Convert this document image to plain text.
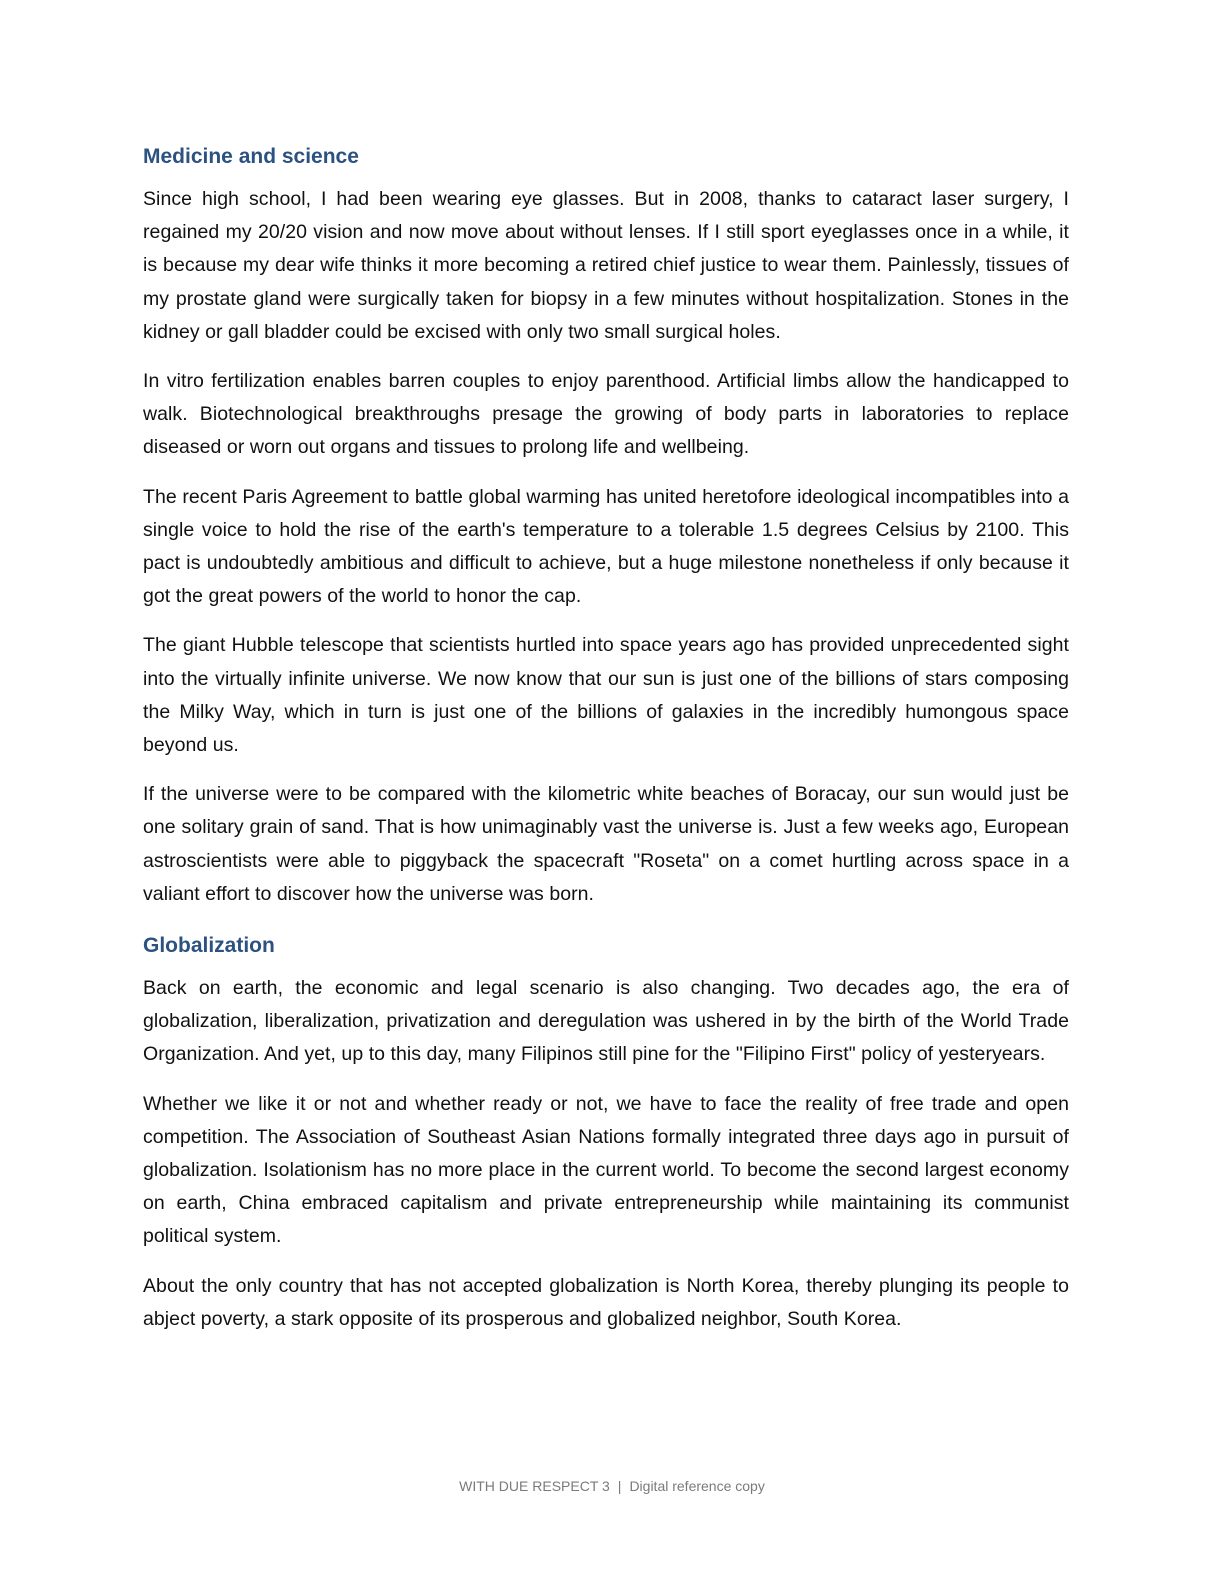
Medicine and science

Since high school, I had been wearing eye glasses. But in 2008, thanks to cataract laser surgery, I regained my 20/20 vision and now move about without lenses. If I still sport eyeglasses once in a while, it is because my dear wife thinks it more becoming a retired chief justice to wear them. Painlessly, tissues of my prostate gland were surgically taken for biopsy in a few minutes without hospitalization. Stones in the kidney or gall bladder could be excised with only two small surgical holes.

In vitro fertilization enables barren couples to enjoy parenthood. Artificial limbs allow the handicapped to walk. Biotechnological breakthroughs presage the growing of body parts in laboratories to replace diseased or worn out organs and tissues to prolong life and wellbeing.

The recent Paris Agreement to battle global warming has united heretofore ideological incompatibles into a single voice to hold the rise of the earth's temperature to a tolerable 1.5 degrees Celsius by 2100. This pact is undoubtedly ambitious and difficult to achieve, but a huge milestone nonetheless if only because it got the great powers of the world to honor the cap.

The giant Hubble telescope that scientists hurtled into space years ago has provided unprecedented sight into the virtually infinite universe. We now know that our sun is just one of the billions of stars composing the Milky Way, which in turn is just one of the billions of galaxies in the incredibly humongous space beyond us.

If the universe were to be compared with the kilometric white beaches of Boracay, our sun would just be one solitary grain of sand. That is how unimaginably vast the universe is. Just a few weeks ago, European astroscientists were able to piggyback the spacecraft "Roseta" on a comet hurtling across space in a valiant effort to discover how the universe was born.

Globalization

Back on earth, the economic and legal scenario is also changing. Two decades ago, the era of globalization, liberalization, privatization and deregulation was ushered in by the birth of the World Trade Organization. And yet, up to this day, many Filipinos still pine for the "Filipino First" policy of yesteryears.

Whether we like it or not and whether ready or not, we have to face the reality of free trade and open competition. The Association of Southeast Asian Nations formally integrated three days ago in pursuit of globalization. Isolationism has no more place in the current world. To become the second largest economy on earth, China embraced capitalism and private entrepreneurship while maintaining its communist political system.

About the only country that has not accepted globalization is North Korea, thereby plunging its people to abject poverty, a stark opposite of its prosperous and globalized neighbor, South Korea.

WITH DUE RESPECT 3 | Digital reference copy
